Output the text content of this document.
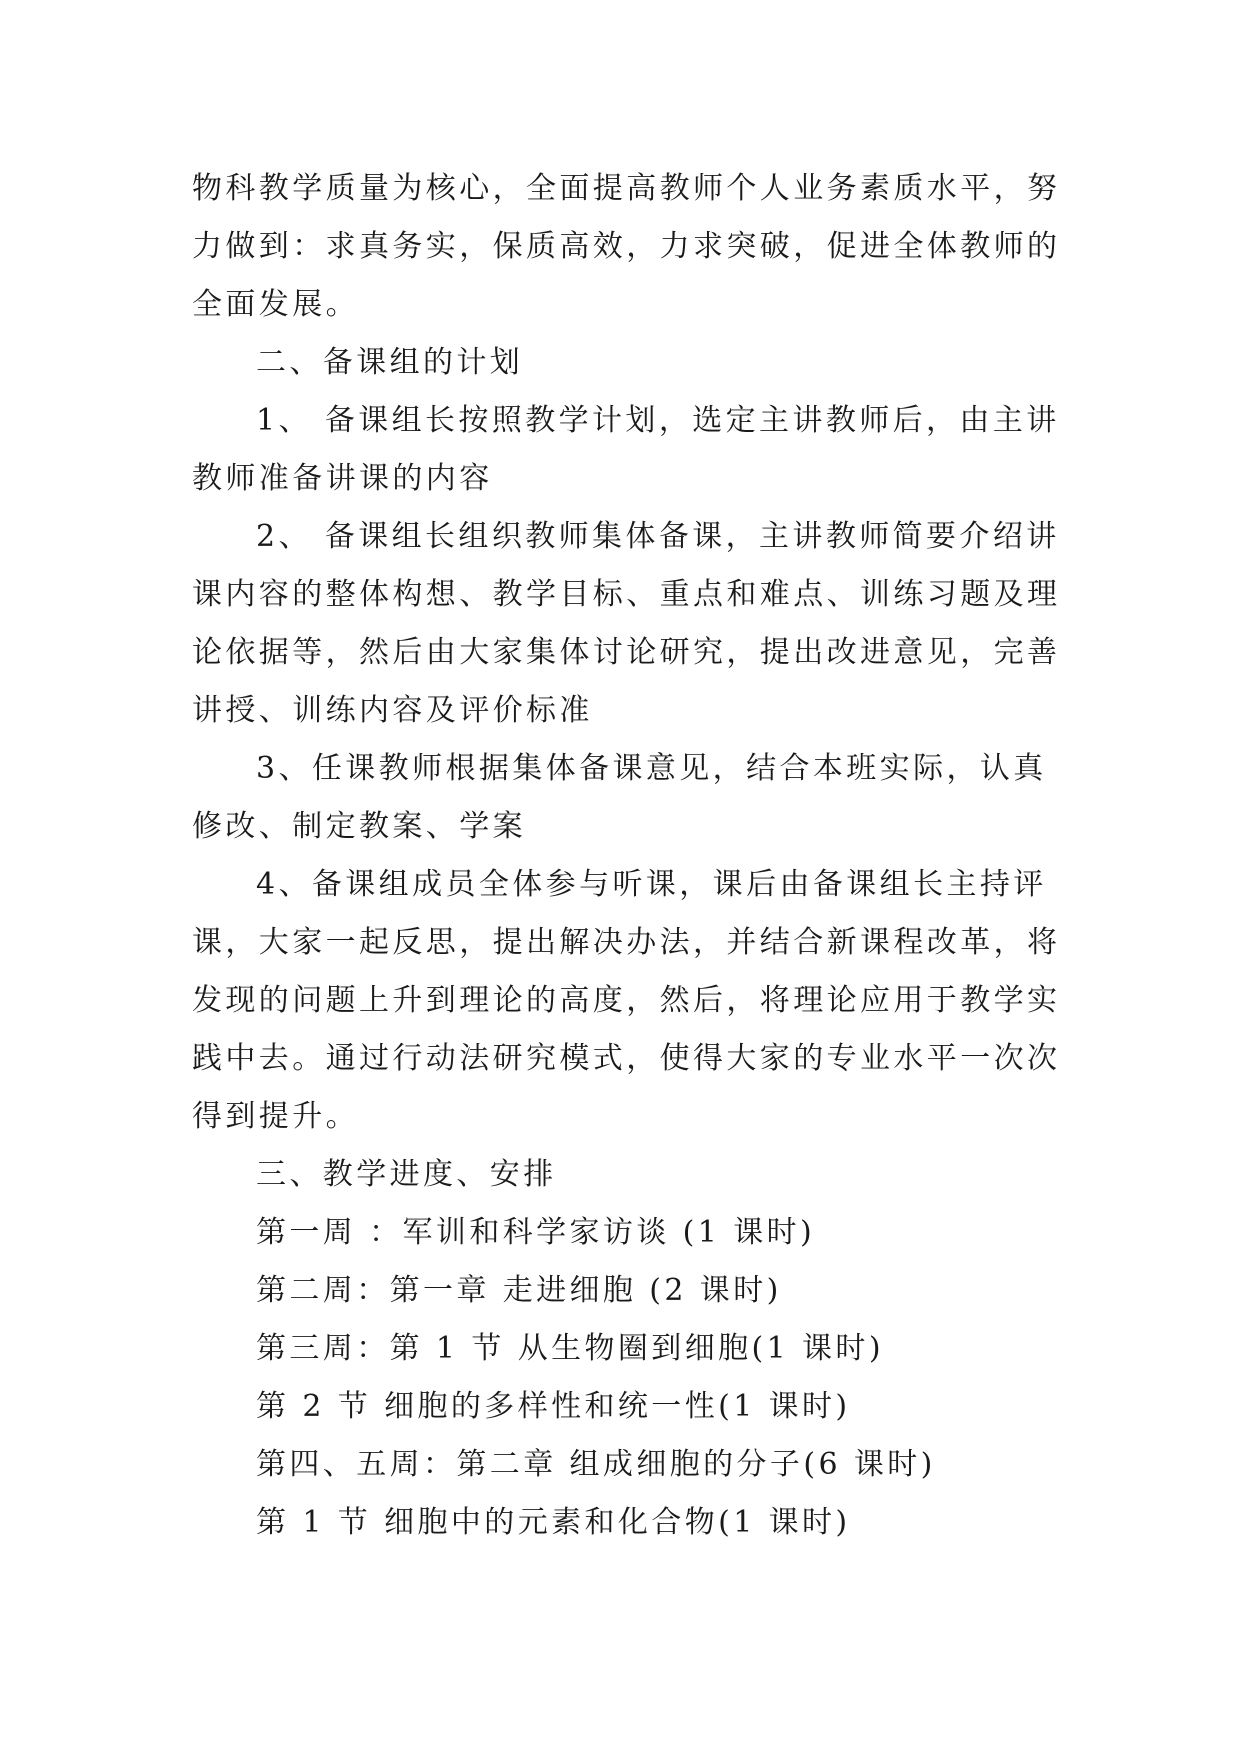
物科教学质量为核心，全面提高教师个人业务素质水平，努
力做到：求真务实，保质高效，力求突破，促进全体教师的
全面发展。
二、备课组的计划
1、 备课组长按照教学计划，选定主讲教师后，由主讲
教师准备讲课的内容
2、 备课组长组织教师集体备课，主讲教师简要介绍讲
课内容的整体构想、教学目标、重点和难点、训练习题及理
论依据等，然后由大家集体讨论研究，提出改进意见，完善
讲授、训练内容及评价标准
3、任课教师根据集体备课意见，结合本班实际，认真
修改、制定教案、学案
4、备课组成员全体参与听课，课后由备课组长主持评
课，大家一起反思，提出解决办法，并结合新课程改革，将
发现的问题上升到理论的高度，然后，将理论应用于教学实
践中去。通过行动法研究模式，使得大家的专业水平一次次
得到提升。
三、教学进度、安排
第一周 ：军训和科学家访谈 (1 课时)
第二周：第一章 走进细胞 (2 课时)
第三周：第 1 节 从生物圈到细胞(1 课时)
第 2 节 细胞的多样性和统一性(1 课时)
第四、五周：第二章 组成细胞的分子(6 课时)
第 1 节 细胞中的元素和化合物(1 课时)
